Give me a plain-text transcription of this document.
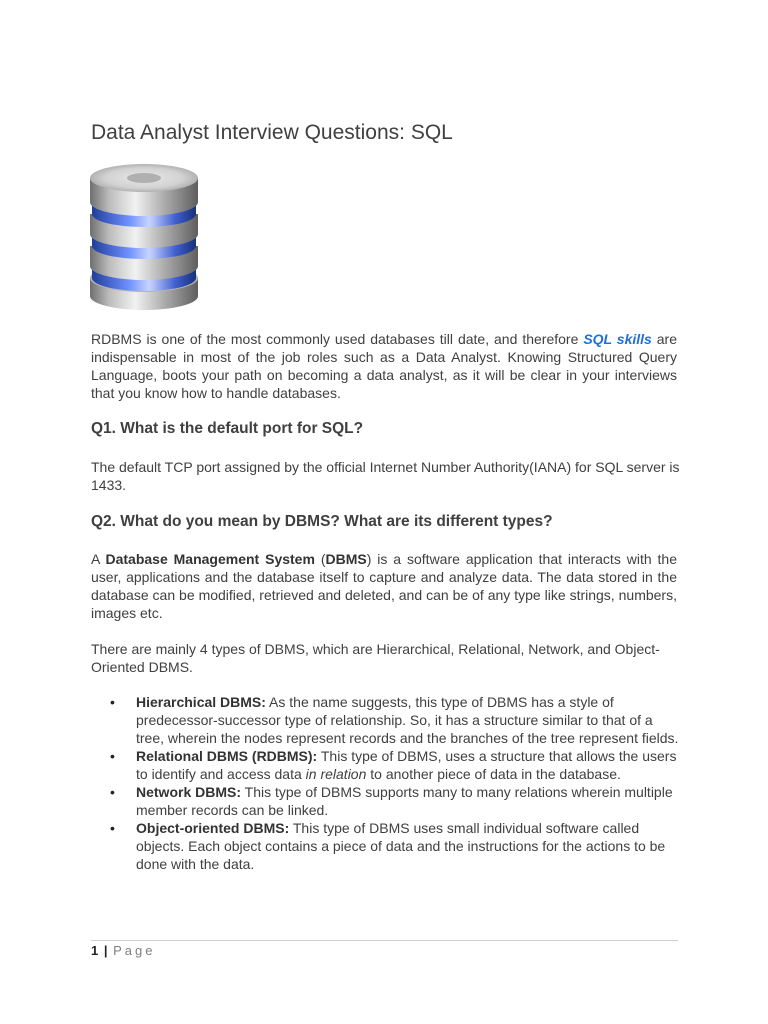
Data Analyst Interview Questions: SQL

RDBMS is one of the most commonly used databases till date, and therefore SQL skills are indispensable in most of the job roles such as a Data Analyst. Knowing Structured Query Language, boots your path on becoming a data analyst, as it will be clear in your interviews that you know how to handle databases.

Q1. What is the default port for SQL?

The default TCP port assigned by the official Internet Number Authority(IANA) for SQL server is 1433.

Q2. What do you mean by DBMS? What are its different types?

A Database Management System (DBMS) is a software application that interacts with the user, applications and the database itself to capture and analyze data. The data stored in the database can be modified, retrieved and deleted, and can be of any type like strings, numbers, images etc.

There are mainly 4 types of DBMS, which are Hierarchical, Relational, Network, and Object-Oriented DBMS.

• Hierarchical DBMS: As the name suggests, this type of DBMS has a style of predecessor-successor type of relationship. So, it has a structure similar to that of a tree, wherein the nodes represent records and the branches of the tree represent fields.
• Relational DBMS (RDBMS): This type of DBMS, uses a structure that allows the users to identify and access data in relation to another piece of data in the database.
• Network DBMS: This type of DBMS supports many to many relations wherein multiple member records can be linked.
• Object-oriented DBMS: This type of DBMS uses small individual software called objects. Each object contains a piece of data and the instructions for the actions to be done with the data.
1 | Page
